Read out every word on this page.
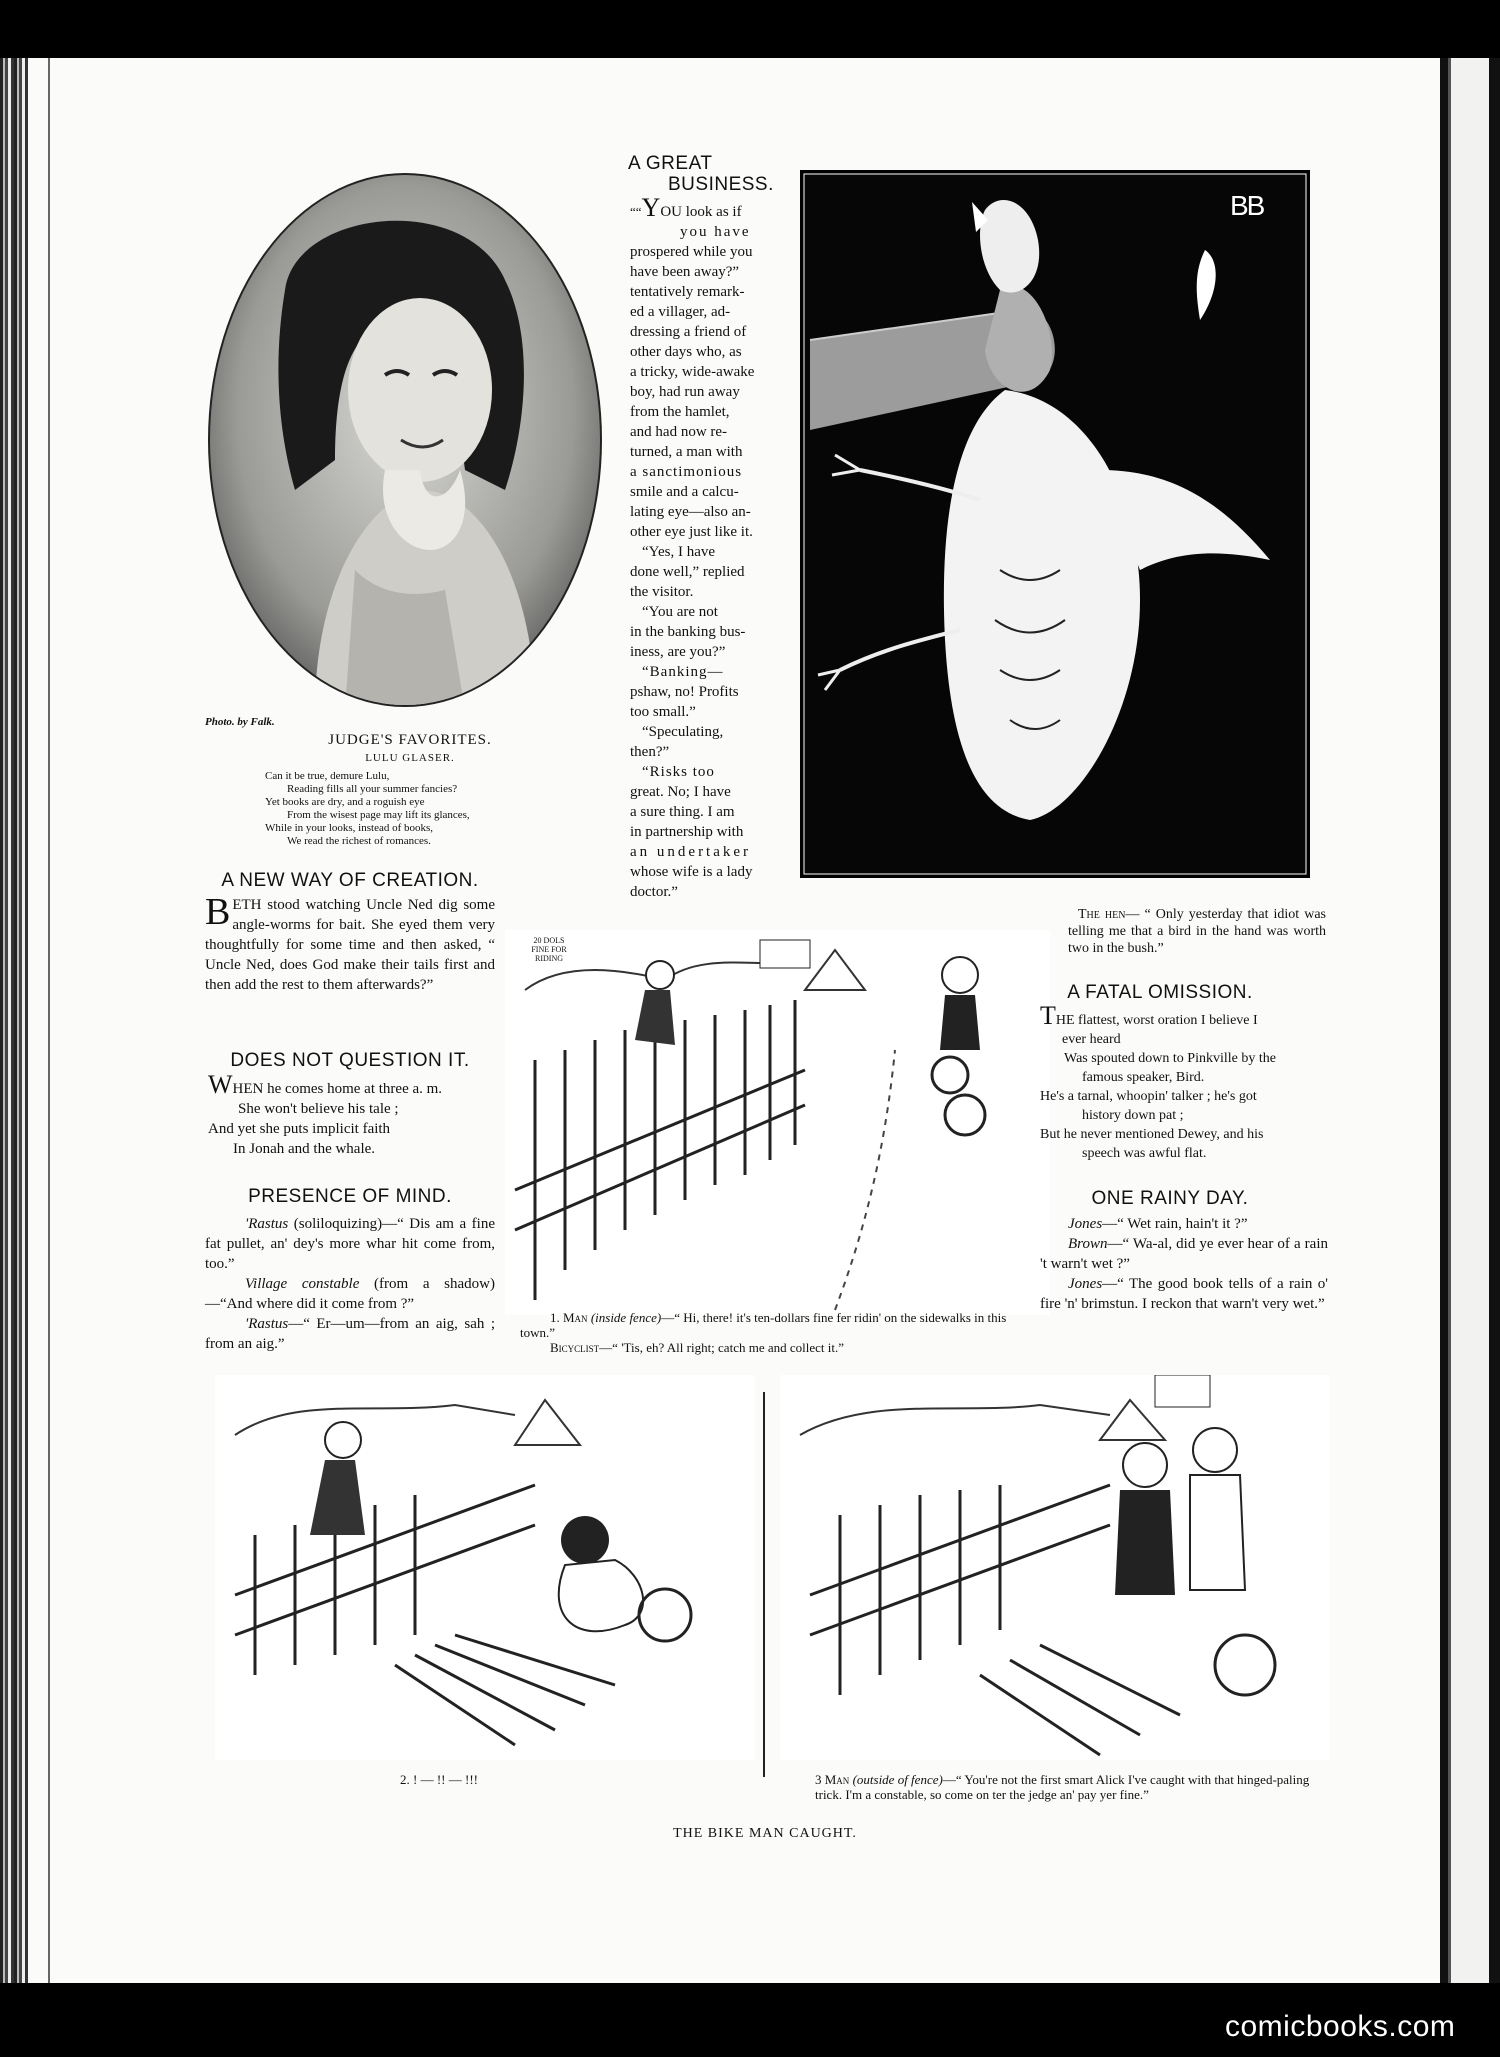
Photo. by Falk.
JUDGE'S FAVORITES.
LULU GLASER.
Can it be true, demure Lulu,
Reading fills all your summer fancies?
Yet books are dry, and a roguish eye
From the wisest page may lift its glances,
While in your looks, instead of books,
We read the richest of romances.
A GREAT
BUSINESS.
““YOU look as if
you have
prospered while you
have been away?”
tentatively remark-
ed a villager, ad-
dressing a friend of
other days who, as
a tricky, wide-awake
boy, had run away
from the hamlet,
and had now re-
turned, a man with
a sanctimonious
smile and a calcu-
lating eye—also an-
other eye just like it.
“Yes, I have
done well,” replied
the visitor.
“You are not
in the banking bus-
iness, are you?”
“Banking—
pshaw, no! Profits
too small.”
“Speculating,
then?”
“Risks too
great. No; I have
a sure thing. I am
in partnership with
an undertaker
whose wife is a lady
doctor.”
BB
The hen— “ Only yesterday that idiot was telling me that a bird in the hand was worth two in the bush.”
A NEW WAY OF CREATION.
BETH stood watching Uncle Ned dig some angle-worms for bait. She eyed them very thoughtfully for some time and then asked, “ Uncle Ned, does God make their tails first and then add the rest to them afterwards?”
DOES NOT QUESTION IT.
WHEN he comes home at three a. m.
She won't believe his tale ;
And yet she puts implicit faith
In Jonah and the whale.
PRESENCE OF MIND.

'Rastus (soliloquizing)—“ Dis am a fine fat pullet, an' dey's more whar hit come from, too.”

Village constable (from a shadow) —“And where did it come from ?”

'Rastus—“ Er—um—from an aig, sah ; from an aig.”

20 DOLS FINE FOR RIDING

1. Man (inside fence)—“ Hi, there! it's ten-dollars fine fer ridin' on the sidewalks in this town.”

Bicyclist—“ 'Tis, eh? All right; catch me and collect it.”

A FATAL OMISSION.
THE flattest, worst oration I believe I
ever heard
Was spouted down to Pinkville by the
famous speaker, Bird.
He's a tarnal, whoopin' talker ; he's got
history down pat ;
But he never mentioned Dewey, and his
speech was awful flat.
ONE RAINY DAY.

Jones—“ Wet rain, hain't it ?”

Brown—“ Wa-al, did ye ever hear of a rain 't warn't wet ?”

Jones—“ The good book tells of a rain o' fire 'n' brimstun. I reckon that warn't very wet.”

2. ! — !! — !!!	3 Man (outside of fence)—“ You're not the first smart Alick I've caught with that hinged-paling trick. I'm a constable, so come on ter the jedge an' pay yer fine.”

THE BIKE MAN CAUGHT.
comicbooks.com
